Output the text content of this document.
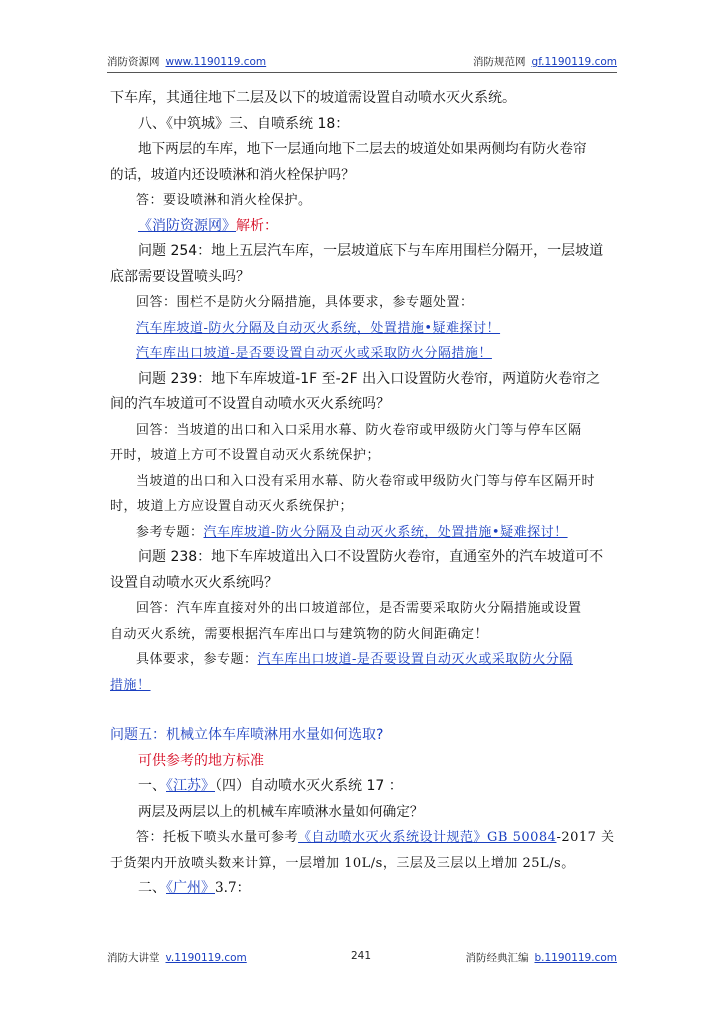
消防资源网 www.1190119.com	消防规范网 gf.1190119.com

下车库，其通往地下二层及以下的坡道需设置自动喷水灭火系统。

八、《中筑城》三、自喷系统 18：

地下两层的车库，地下一层通向地下二层去的坡道处如果两侧均有防火卷帘

的话，坡道内还设喷淋和消火栓保护吗？

答：要设喷淋和消火栓保护。

《消防资源网》解析：

问题 254：地上五层汽车库，一层坡道底下与车库用围栏分隔开，一层坡道

底部需要设置喷头吗？

回答：围栏不是防火分隔措施，具体要求，参专题处置：

汽车库坡道-防火分隔及自动灭火系统，处置措施•疑难探讨！

汽车库出口坡道-是否要设置自动灭火或采取防火分隔措施！

问题 239：地下车库坡道-1F 至-2F 出入口设置防火卷帘，两道防火卷帘之

间的汽车坡道可不设置自动喷水灭火系统吗？

回答：当坡道的出口和入口采用水幕、防火卷帘或甲级防火门等与停车区隔

开时，坡道上方可不设置自动灭火系统保护；

当坡道的出口和入口没有采用水幕、防火卷帘或甲级防火门等与停车区隔开时

时，坡道上方应设置自动灭火系统保护；

参考专题：汽车库坡道-防火分隔及自动灭火系统，处置措施•疑难探讨！

问题 238：地下车库坡道出入口不设置防火卷帘，直通室外的汽车坡道可不

设置自动喷水灭火系统吗？

回答：汽车库直接对外的出口坡道部位，是否需要采取防火分隔措施或设置

自动灭火系统，需要根据汽车库出口与建筑物的防火间距确定！

具体要求，参专题：汽车库出口坡道-是否要设置自动灭火或采取防火分隔

措施！

问题五：机械立体车库喷淋用水量如何选取?

可供参考的地方标准

一、《江苏》（四）自动喷水灭火系统 17 ：

两层及两层以上的机械车库喷淋水量如何确定？

答：托板下喷头水量可参考《自动喷水灭火系统设计规范》GB 50084-2017 关

于货架内开放喷头数来计算，一层增加 10L/s，三层及三层以上增加 25L/s。

二、《广州》3.7：

消防大讲堂 v.1190119.com	241	消防经典汇编 b.1190119.com
